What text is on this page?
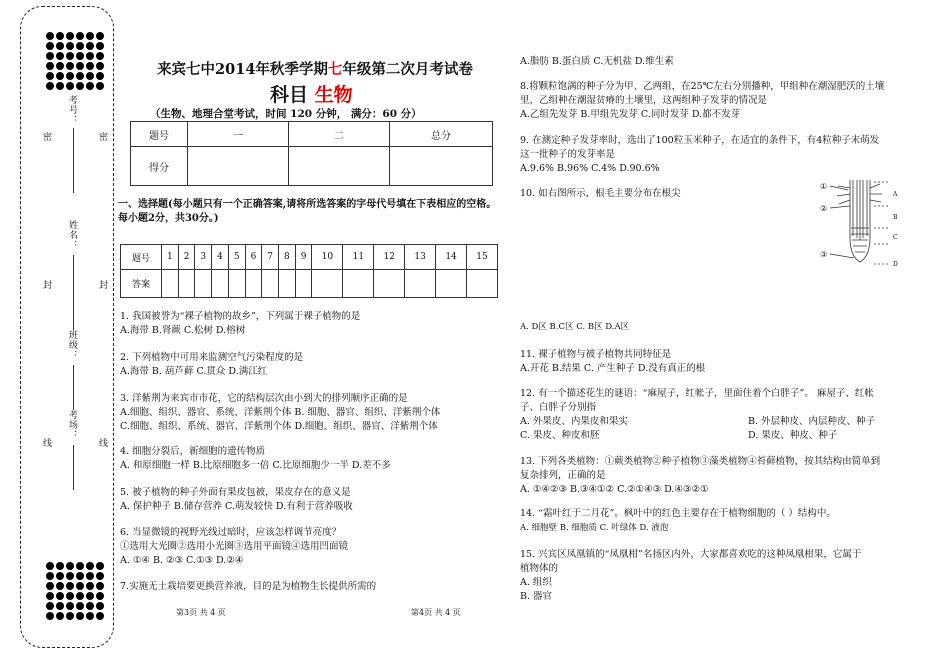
考号：
姓名：
班级：
考场：
密	密
封	封
线	线
来宾七中2014年秋季学期七年级第二次月考试卷
科目 生物
（生物、地理合堂考试，时间 120 分钟， 满分：60 分）
题号	一	二	总分
得分			
一、选择题(每小题只有一个正确答案,请将所选答案的字母代号填在下表相应的空格。每小题2分，共30分。)
题号	1	2	3	4	5	6	7	8	9	10	11	12	13	14	15
答案															
1. 我国被誉为“裸子植物的故乡”，下列属于裸子植物的是
A.海带 B.肾蕨 C.松树 D.榕树
2. 下列植物中可用来监测空气污染程度的是
A.海带 B. 葫芦藓 C.贯众 D.满江红
3. 洋紫荆为来宾市市花，它的结构层次由小到大的排列顺序正确的是
A.细胞、组织、器官、系统、洋紫荆个体 B. 细胞、器官、组织、洋紫荆个体
C.细胞、组织、系统、器官、洋紫荆个体 D.细胞、组织、器官、洋紫荆个体
4. 细胞分裂后，新细胞的遗传物质
A. 和原细胞一样 B.比原细胞多一倍 C.比原细胞少一半 D.差不多
5. 被子植物的种子外面有果皮包被，果皮存在的意义是
A. 保护种子 B.储存营养 C.萌发较快 D.有利于营养吸收
6. 当显微镜的视野光线过暗时，应该怎样调节亮度？
①选用大光圈②选用小光圈③选用平面镜④选用凹面镜
A. ①④ B. ②③ C.①③ D.②④
7.实施无土栽培要更换营养液，目的是为植物生长提供所需的
A.脂肪 B.蛋白质 C.无机盐 D.维生素
8.将颗粒饱满的种子分为甲、乙两组，在25℃左右分别播种，甲组种在潮湿肥沃的土壤
里，乙组种在潮湿贫瘠的土壤里，这两组种子发芽的情况是
A.乙组先发芽 B.甲组先发芽 C.同时发芽 D.都不发芽
9. 在测定种子发芽率时，选出了100粒玉米种子，在适宜的条件下，有4粒种子未萌发
这一批种子的发芽率是
A.9.6% B.96% C.4% D.90.6%
10. 如右图所示，根毛主要分布在根尖
①
②
③
A
B
C
D
A. D区 B.C区 C. B区 D.A区
11. 裸子植物与被子植物共同特征是
A.开花 B.结果 C. 产生种子 D.没有真正的根
12. 有一个描述花生的谜语：“麻屋子，红帐子，里面住着个白胖子”。 麻屋子、红帐
子、白胖子分别指
A. 外果皮、内果皮和果实	B. 外层种皮、内层种皮、种子
C. 果皮、种皮和胚	D. 果皮、种皮、种子
13. 下列各类植物：①蕨类植物②种子植物③藻类植物④苔藓植物，按其结构由简单到
复杂排列，正确的是
A. ①④②③ B.③④①② C.②①④③ D.④③②①
14. “霜叶红于二月花”。枫叶中的红色主要存在于植物细胞的（ ）结构中。
A. 细胞壁 B. 细胞质 C. 叶绿体 D. 液泡
15. 兴宾区凤凰镇的“凤凰柑”名扬区内外，大家都喜欢吃的这种凤凰柑果，它属于
植物体的
A. 组织
B. 器官
第3页 共 4 页	第4页 共 4 页
